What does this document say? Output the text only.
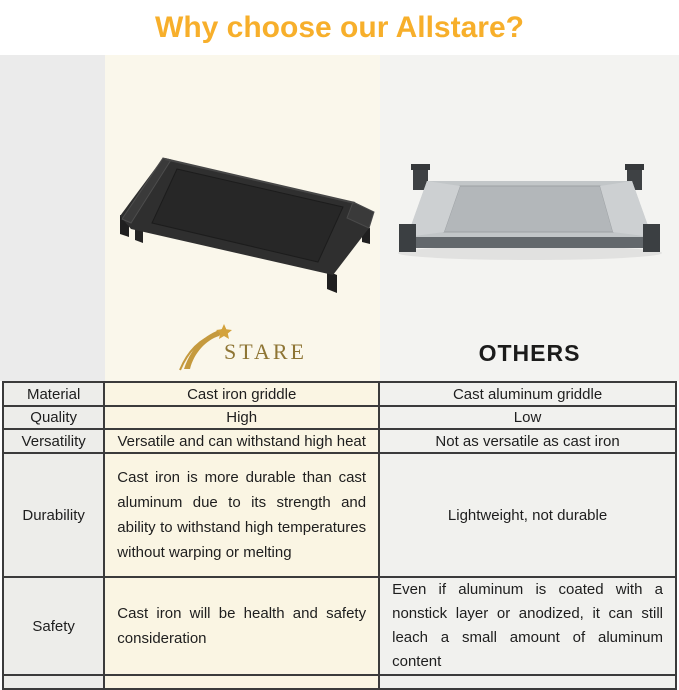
Why choose our Allstare?
STARE	OTHERS
Material	Cast iron griddle	Cast aluminum griddle
Quality	High	Low
Versatility	Versatile and can withstand high heat	Not as versatile as cast iron
Durability	Cast iron is more durable than cast aluminum due to its strength and ability to withstand high temperatures without warping or melting	Lightweight, not durable
Safety	Cast iron will be health and safety consideration	Even if aluminum is coated with a nonstick layer or anodized, it can still leach a small amount of aluminum content
